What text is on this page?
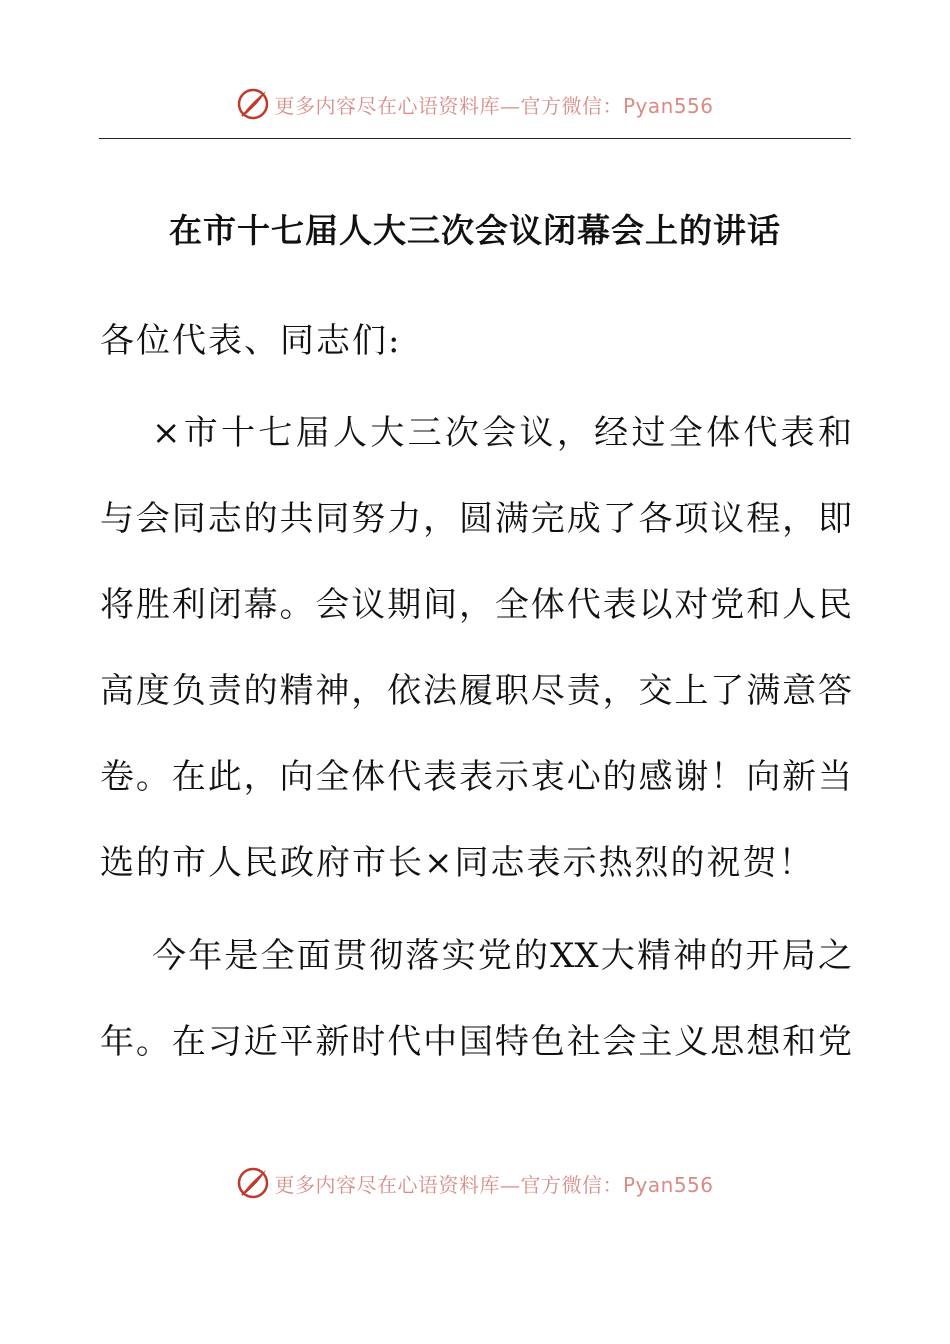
更多内容尽在心语资料库—官方微信：Pyan556
在市十七届人大三次会议闭幕会上的讲话

各位代表、同志们:

×市十七届人大三次会议，经过全体代表和
与会同志的共同努力，圆满完成了各项议程，即
将胜利闭幕。会议期间，全体代表以对党和人民
高度负责的精神，依法履职尽责，交上了满意答
卷。在此，向全体代表表示衷心的感谢！向新当
选的市人民政府市长×同志表示热烈的祝贺！
今年是全面贯彻落实党的XX大精神的开局之
年。在习近平新时代中国特色社会主义思想和党
更多内容尽在心语资料库—官方微信：Pyan556
